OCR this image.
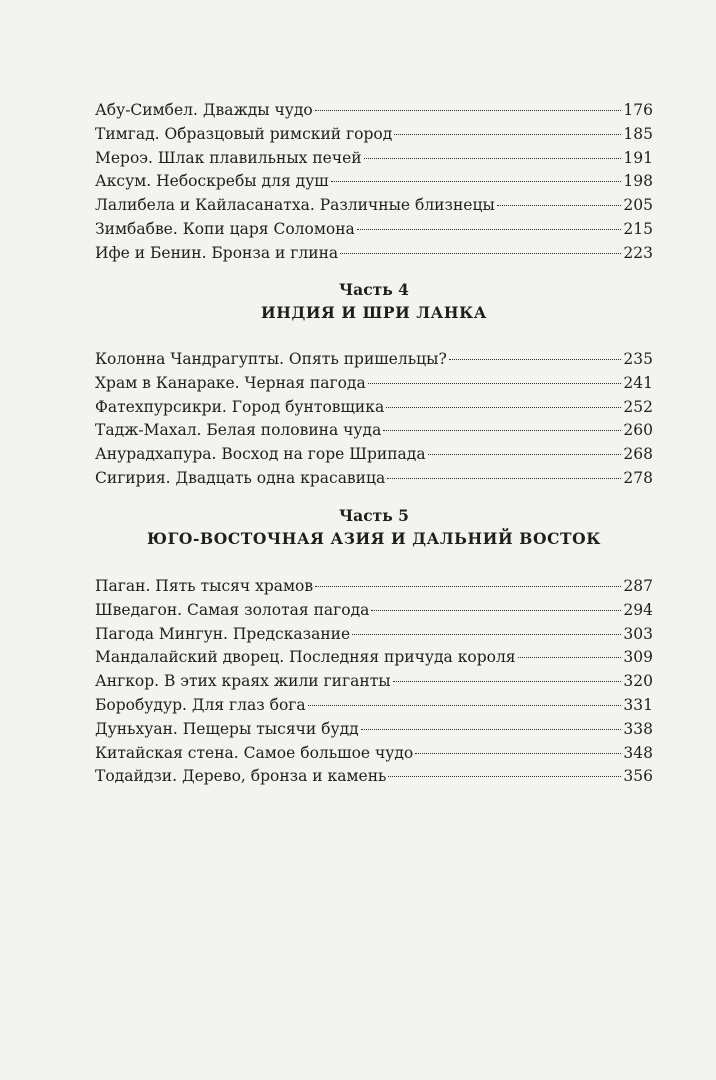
Абу-Симбел. Дважды чудо	176
Тимгад. Образцовый римский город	185
Мероэ. Шлак плавильных печей	191
Аксум. Небоскребы для душ	198
Лалибела и Кайласанатха. Различные близнецы	205
Зимбабве. Копи царя Соломона	215
Ифе и Бенин. Бронза и глина	223
Часть 4
ИНДИЯ И ШРИ ЛАНКА
Колонна Чандрагупты. Опять пришельцы?	235
Храм в Канараке. Черная пагода	241
Фатехпурсикри. Город бунтовщика	252
Тадж-Махал. Белая половина чуда	260
Анурадхапура. Восход на горе Шрипада	268
Сигирия. Двадцать одна красавица	278
Часть 5
ЮГО-ВОСТОЧНАЯ АЗИЯ И ДАЛЬНИЙ ВОСТОК
Паган. Пять тысяч храмов	287
Шведагон. Самая золотая пагода	294
Пагода Мингун. Предсказание	303
Мандалайский дворец. Последняя причуда короля	309
Ангкор. В этих краях жили гиганты	320
Боробудур. Для глаз бога	331
Дуньхуан. Пещеры тысячи будд	338
Китайская стена. Самое большое чудо	348
Тодайдзи. Дерево, бронза и камень	356
